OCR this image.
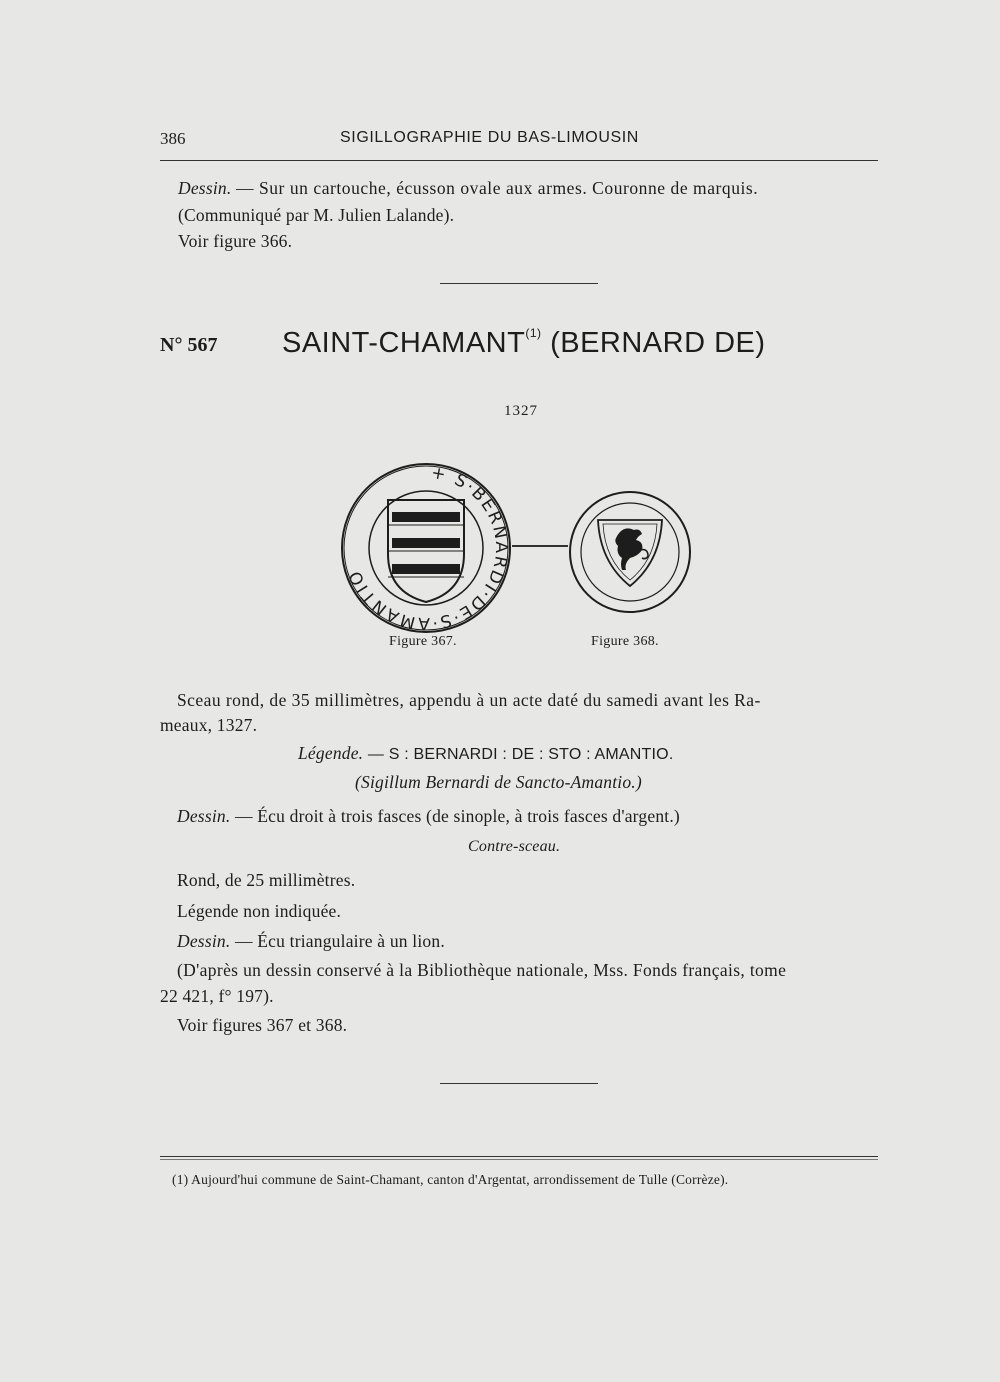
386	SIGILLOGRAPHIE DU BAS-LIMOUSIN
Dessin. — Sur un cartouche, écusson ovale aux armes. Couronne de marquis.
(Communiqué par M. Julien Lalande).
Voir figure 366.
N° 567 SAINT-CHAMANT$^{(1)}$ (BERNARD DE)
1327
+ S·BERNARDI·DE·S·AMANTIO
Figure 367.	Figure 368.
Sceau rond, de 35 millimètres, appendu à un acte daté du samedi avant les Ra-
meaux, 1327.
Légende. — S : BERNARDI : DE : STO : AMANTIO.
(Sigillum Bernardi de Sancto-Amantio.)
Dessin. — Écu droit à trois fasces (de sinople, à trois fasces d'argent.)
Contre-sceau.
Rond, de 25 millimètres.
Légende non indiquée.
Dessin. — Écu triangulaire à un lion.
(D'après un dessin conservé à la Bibliothèque nationale, Mss. Fonds français, tome
22 421, f° 197).
Voir figures 367 et 368.
(1) Aujourd'hui commune de Saint-Chamant, canton d'Argentat, arrondissement de Tulle (Corrèze).
